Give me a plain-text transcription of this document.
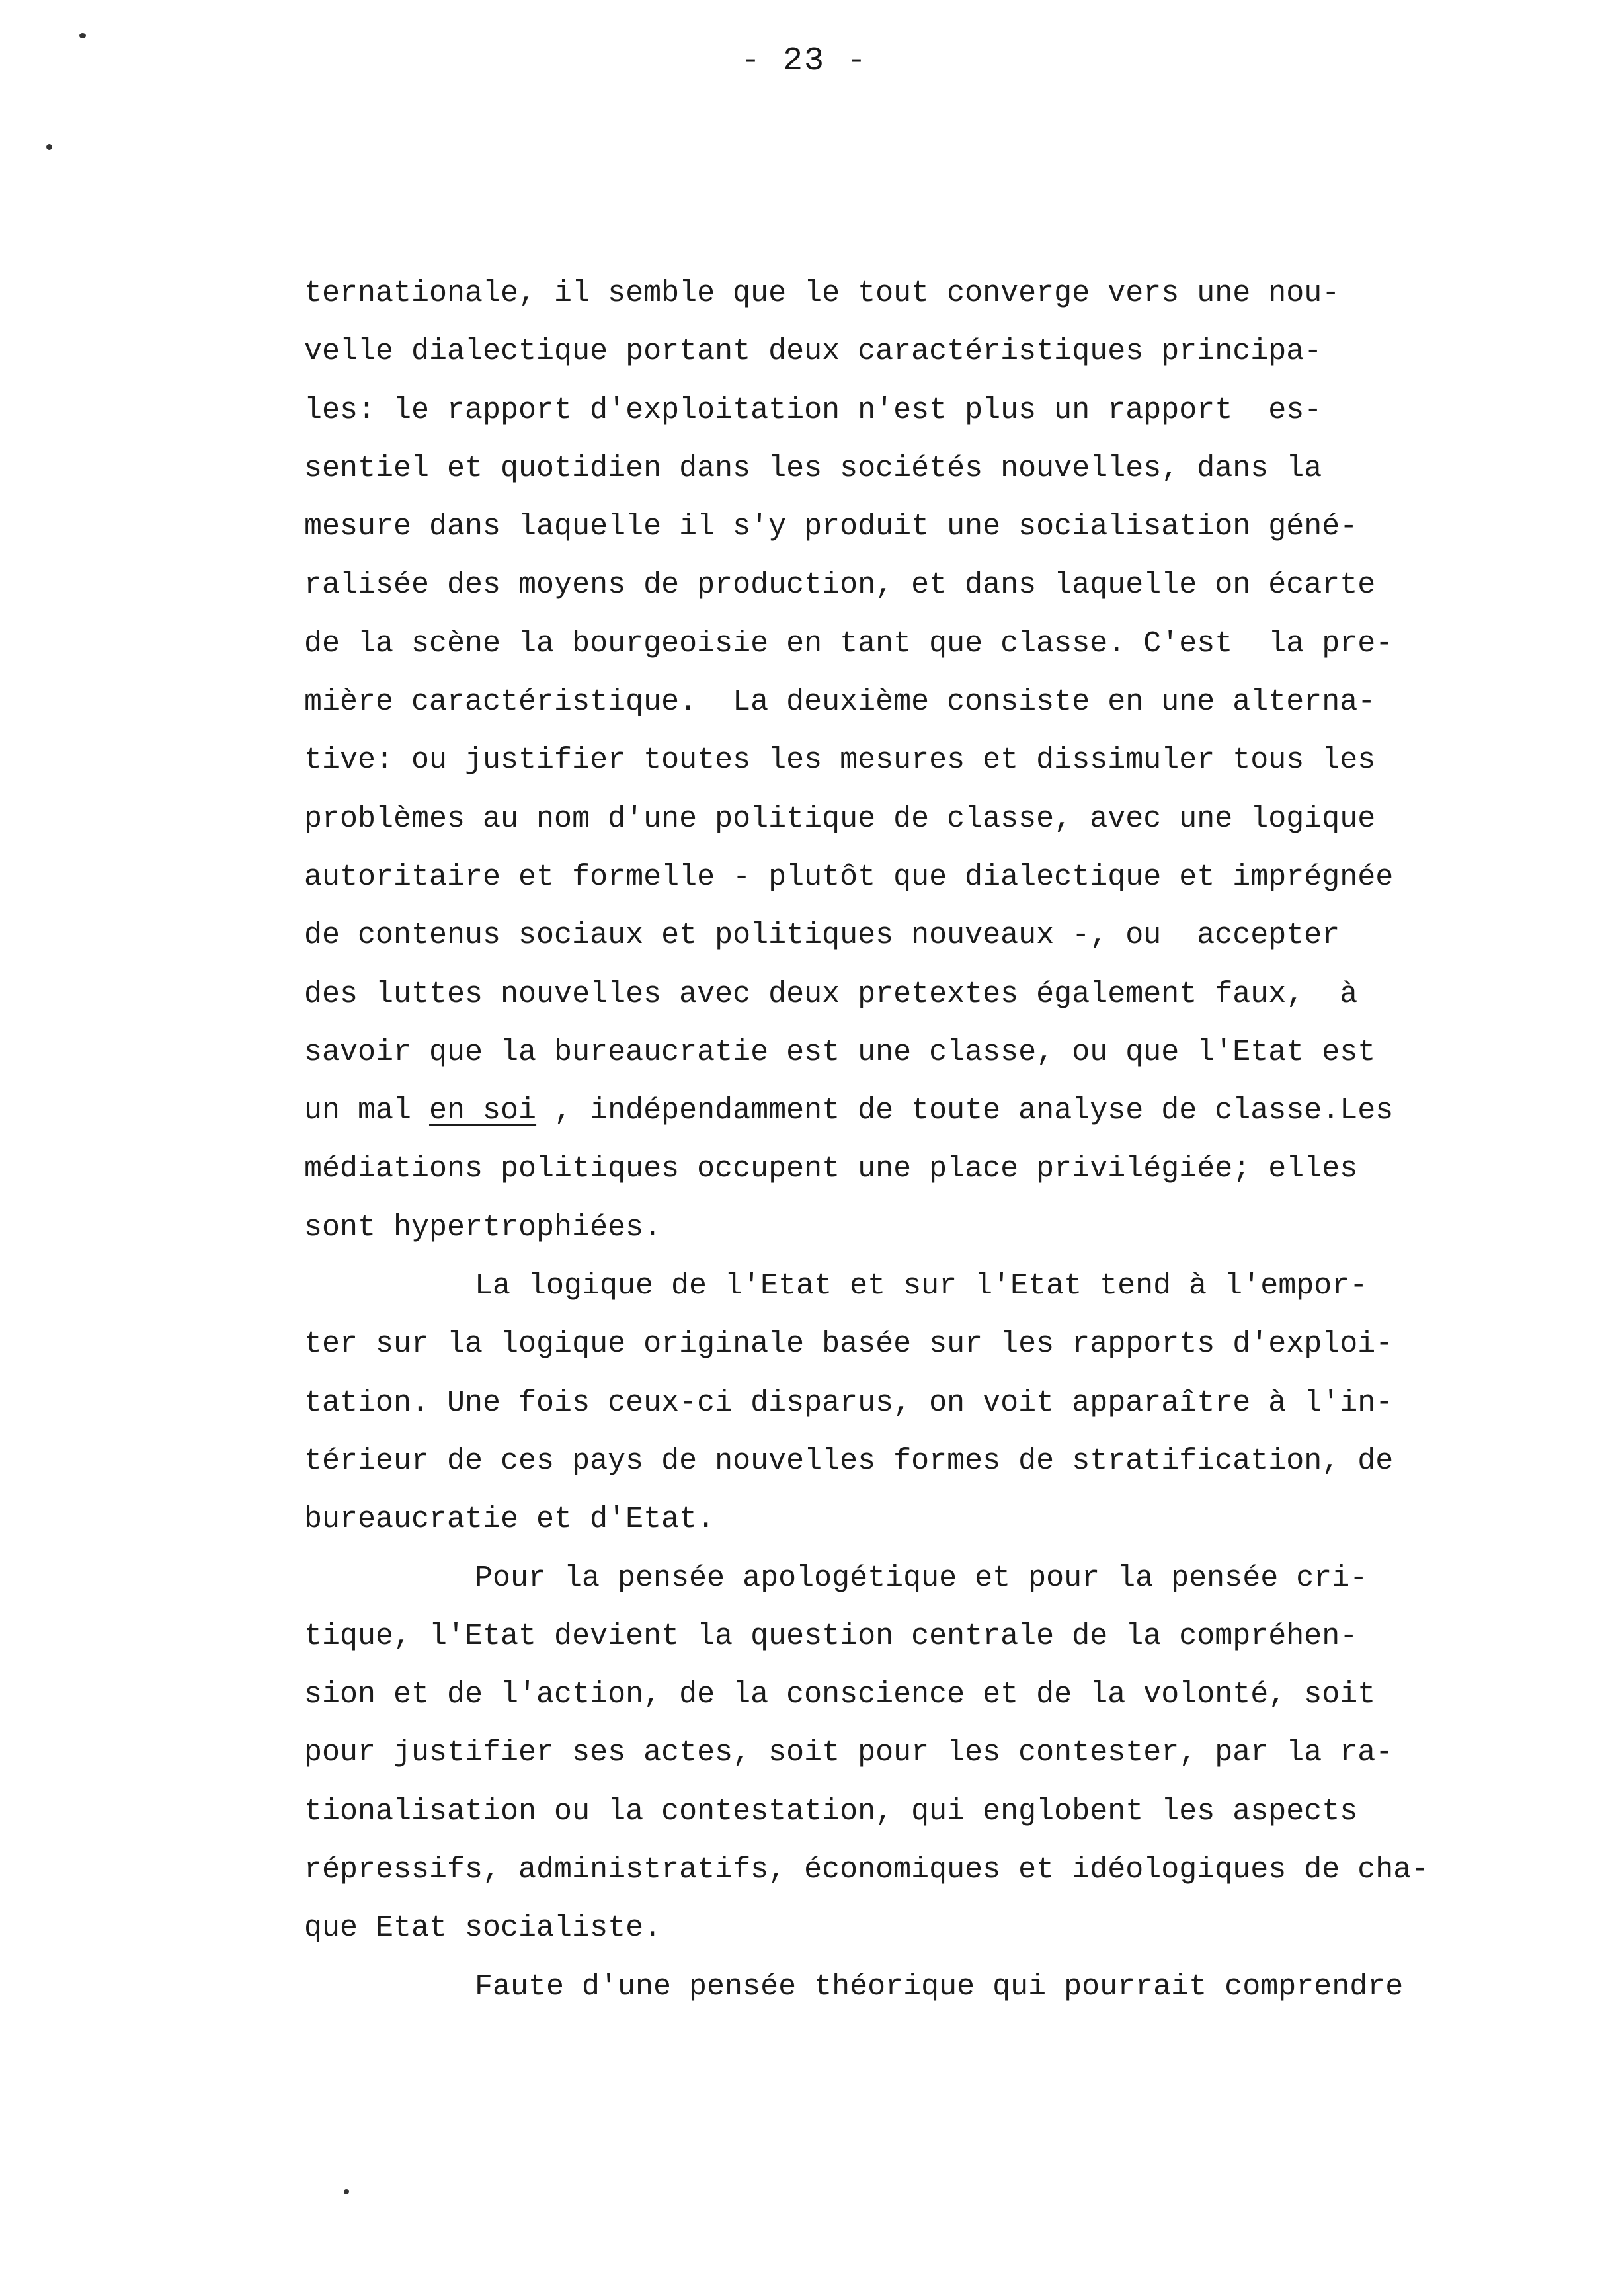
- 23 -
ternationale, il semble que le tout converge vers une nou-
velle dialectique portant deux caractéristiques principa-
les: le rapport d'exploitation n'est plus un rapport  es-
sentiel et quotidien dans les sociétés nouvelles, dans la
mesure dans laquelle il s'y produit une socialisation géné-
ralisée des moyens de production, et dans laquelle on écarte
de la scène la bourgeoisie en tant que classe. C'est  la pre-
mière caractéristique.  La deuxième consiste en une alterna-
tive: ou justifier toutes les mesures et dissimuler tous les
problèmes au nom d'une politique de classe, avec une logique
autoritaire et formelle - plutôt que dialectique et imprégnée
de contenus sociaux et politiques nouveaux -, ou  accepter
des luttes nouvelles avec deux pretextes également faux,  à
savoir que la bureaucratie est une classe, ou que l'Etat est
un mal en soi , indépendamment de toute analyse de classe.Les
médiations politiques occupent une place privilégiée; elles
sont hypertrophiées.
La logique de l'Etat et sur l'Etat tend à l'empor-
ter sur la logique originale basée sur les rapports d'exploi-
tation. Une fois ceux-ci disparus, on voit apparaître à l'in-
térieur de ces pays de nouvelles formes de stratification, de
bureaucratie et d'Etat.
Pour la pensée apologétique et pour la pensée cri-
tique, l'Etat devient la question centrale de la compréhen-
sion et de l'action, de la conscience et de la volonté, soit
pour justifier ses actes, soit pour les contester, par la ra-
tionalisation ou la contestation, qui englobent les aspects
répressifs, administratifs, économiques et idéologiques de cha-
que Etat socialiste.
Faute d'une pensée théorique qui pourrait comprendre
